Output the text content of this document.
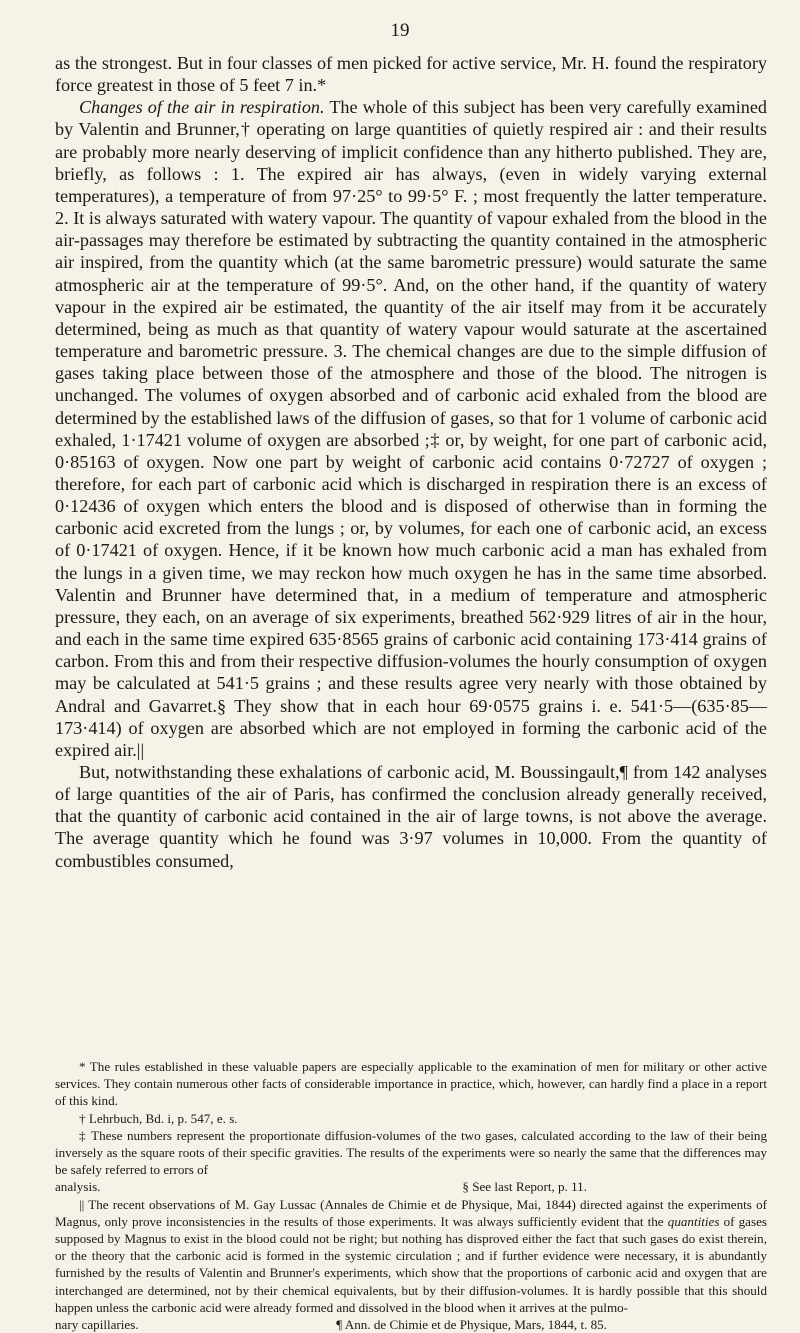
19

as the strongest. But in four classes of men picked for active service, Mr. H. found the respiratory force greatest in those of 5 feet 7 in.*

Changes of the air in respiration. The whole of this subject has been very carefully examined by Valentin and Brunner,† operating on large quantities of quietly respired air : and their results are probably more nearly deserving of implicit confidence than any hitherto published. They are, briefly, as follows : 1. The expired air has always, (even in widely varying external temperatures), a temperature of from 97·25° to 99·5° F. ; most frequently the latter temperature. 2. It is always saturated with watery vapour. The quantity of vapour exhaled from the blood in the air-passages may therefore be estimated by subtracting the quantity contained in the atmospheric air inspired, from the quantity which (at the same barometric pressure) would saturate the same atmospheric air at the temperature of 99·5°. And, on the other hand, if the quantity of watery vapour in the expired air be estimated, the quantity of the air itself may from it be accurately determined, being as much as that quantity of watery vapour would saturate at the ascertained temperature and barometric pressure. 3. The chemical changes are due to the simple diffusion of gases taking place between those of the atmosphere and those of the blood. The nitrogen is unchanged. The volumes of oxygen absorbed and of carbonic acid exhaled from the blood are determined by the established laws of the diffusion of gases, so that for 1 volume of carbonic acid exhaled, 1·17421 volume of oxygen are absorbed ;‡ or, by weight, for one part of carbonic acid, 0·85163 of oxygen. Now one part by weight of carbonic acid contains 0·72727 of oxygen ; therefore, for each part of carbonic acid which is discharged in respiration there is an excess of 0·12436 of oxygen which enters the blood and is disposed of otherwise than in forming the carbonic acid excreted from the lungs ; or, by volumes, for each one of carbonic acid, an excess of 0·17421 of oxygen. Hence, if it be known how much carbonic acid a man has exhaled from the lungs in a given time, we may reckon how much oxygen he has in the same time absorbed. Valentin and Brunner have determined that, in a medium of temperature and atmospheric pressure, they each, on an average of six experiments, breathed 562·929 litres of air in the hour, and each in the same time expired 635·8565 grains of carbonic acid containing 173·414 grains of carbon. From this and from their respective diffusion-volumes the hourly consumption of oxygen may be calculated at 541·5 grains ; and these results agree very nearly with those obtained by Andral and Gavarret.§ They show that in each hour 69·0575 grains i. e. 541·5—(635·85—173·414) of oxygen are absorbed which are not employed in forming the carbonic acid of the expired air.||

But, notwithstanding these exhalations of carbonic acid, M. Boussingault,¶ from 142 analyses of large quantities of the air of Paris, has confirmed the conclusion already generally received, that the quantity of carbonic acid contained in the air of large towns, is not above the average. The average quantity which he found was 3·97 volumes in 10,000. From the quantity of combustibles consumed,

* The rules established in these valuable papers are especially applicable to the examination of men for military or other active services. They contain numerous other facts of considerable importance in practice, which, however, can hardly find a place in a report of this kind.

† Lehrbuch, Bd. i, p. 547, e. s.

‡ These numbers represent the proportionate diffusion-volumes of the two gases, calculated according to the law of their being inversely as the square roots of their specific gravities. The results of the experiments were so nearly the same that the differences may be safely referred to errors of

analysis.	§ See last Report, p. 11.

|| The recent observations of M. Gay Lussac (Annales de Chimie et de Physique, Mai, 1844) directed against the experiments of Magnus, only prove inconsistencies in the results of those experiments. It was always sufficiently evident that the quantities of gases supposed by Magnus to exist in the blood could not be right; but nothing has disproved either the fact that such gases do exist therein, or the theory that the carbonic acid is formed in the systemic circulation ; and if further evidence were necessary, it is abundantly furnished by the results of Valentin and Brunner's experiments, which show that the proportions of carbonic acid and oxygen that are interchanged are determined, not by their chemical equivalents, but by their diffusion-volumes. It is hardly possible that this should happen unless the carbonic acid were already formed and dissolved in the blood when it arrives at the pulmo-

nary capillaries.	¶ Ann. de Chimie et de Physique, Mars, 1844, t. 85.
